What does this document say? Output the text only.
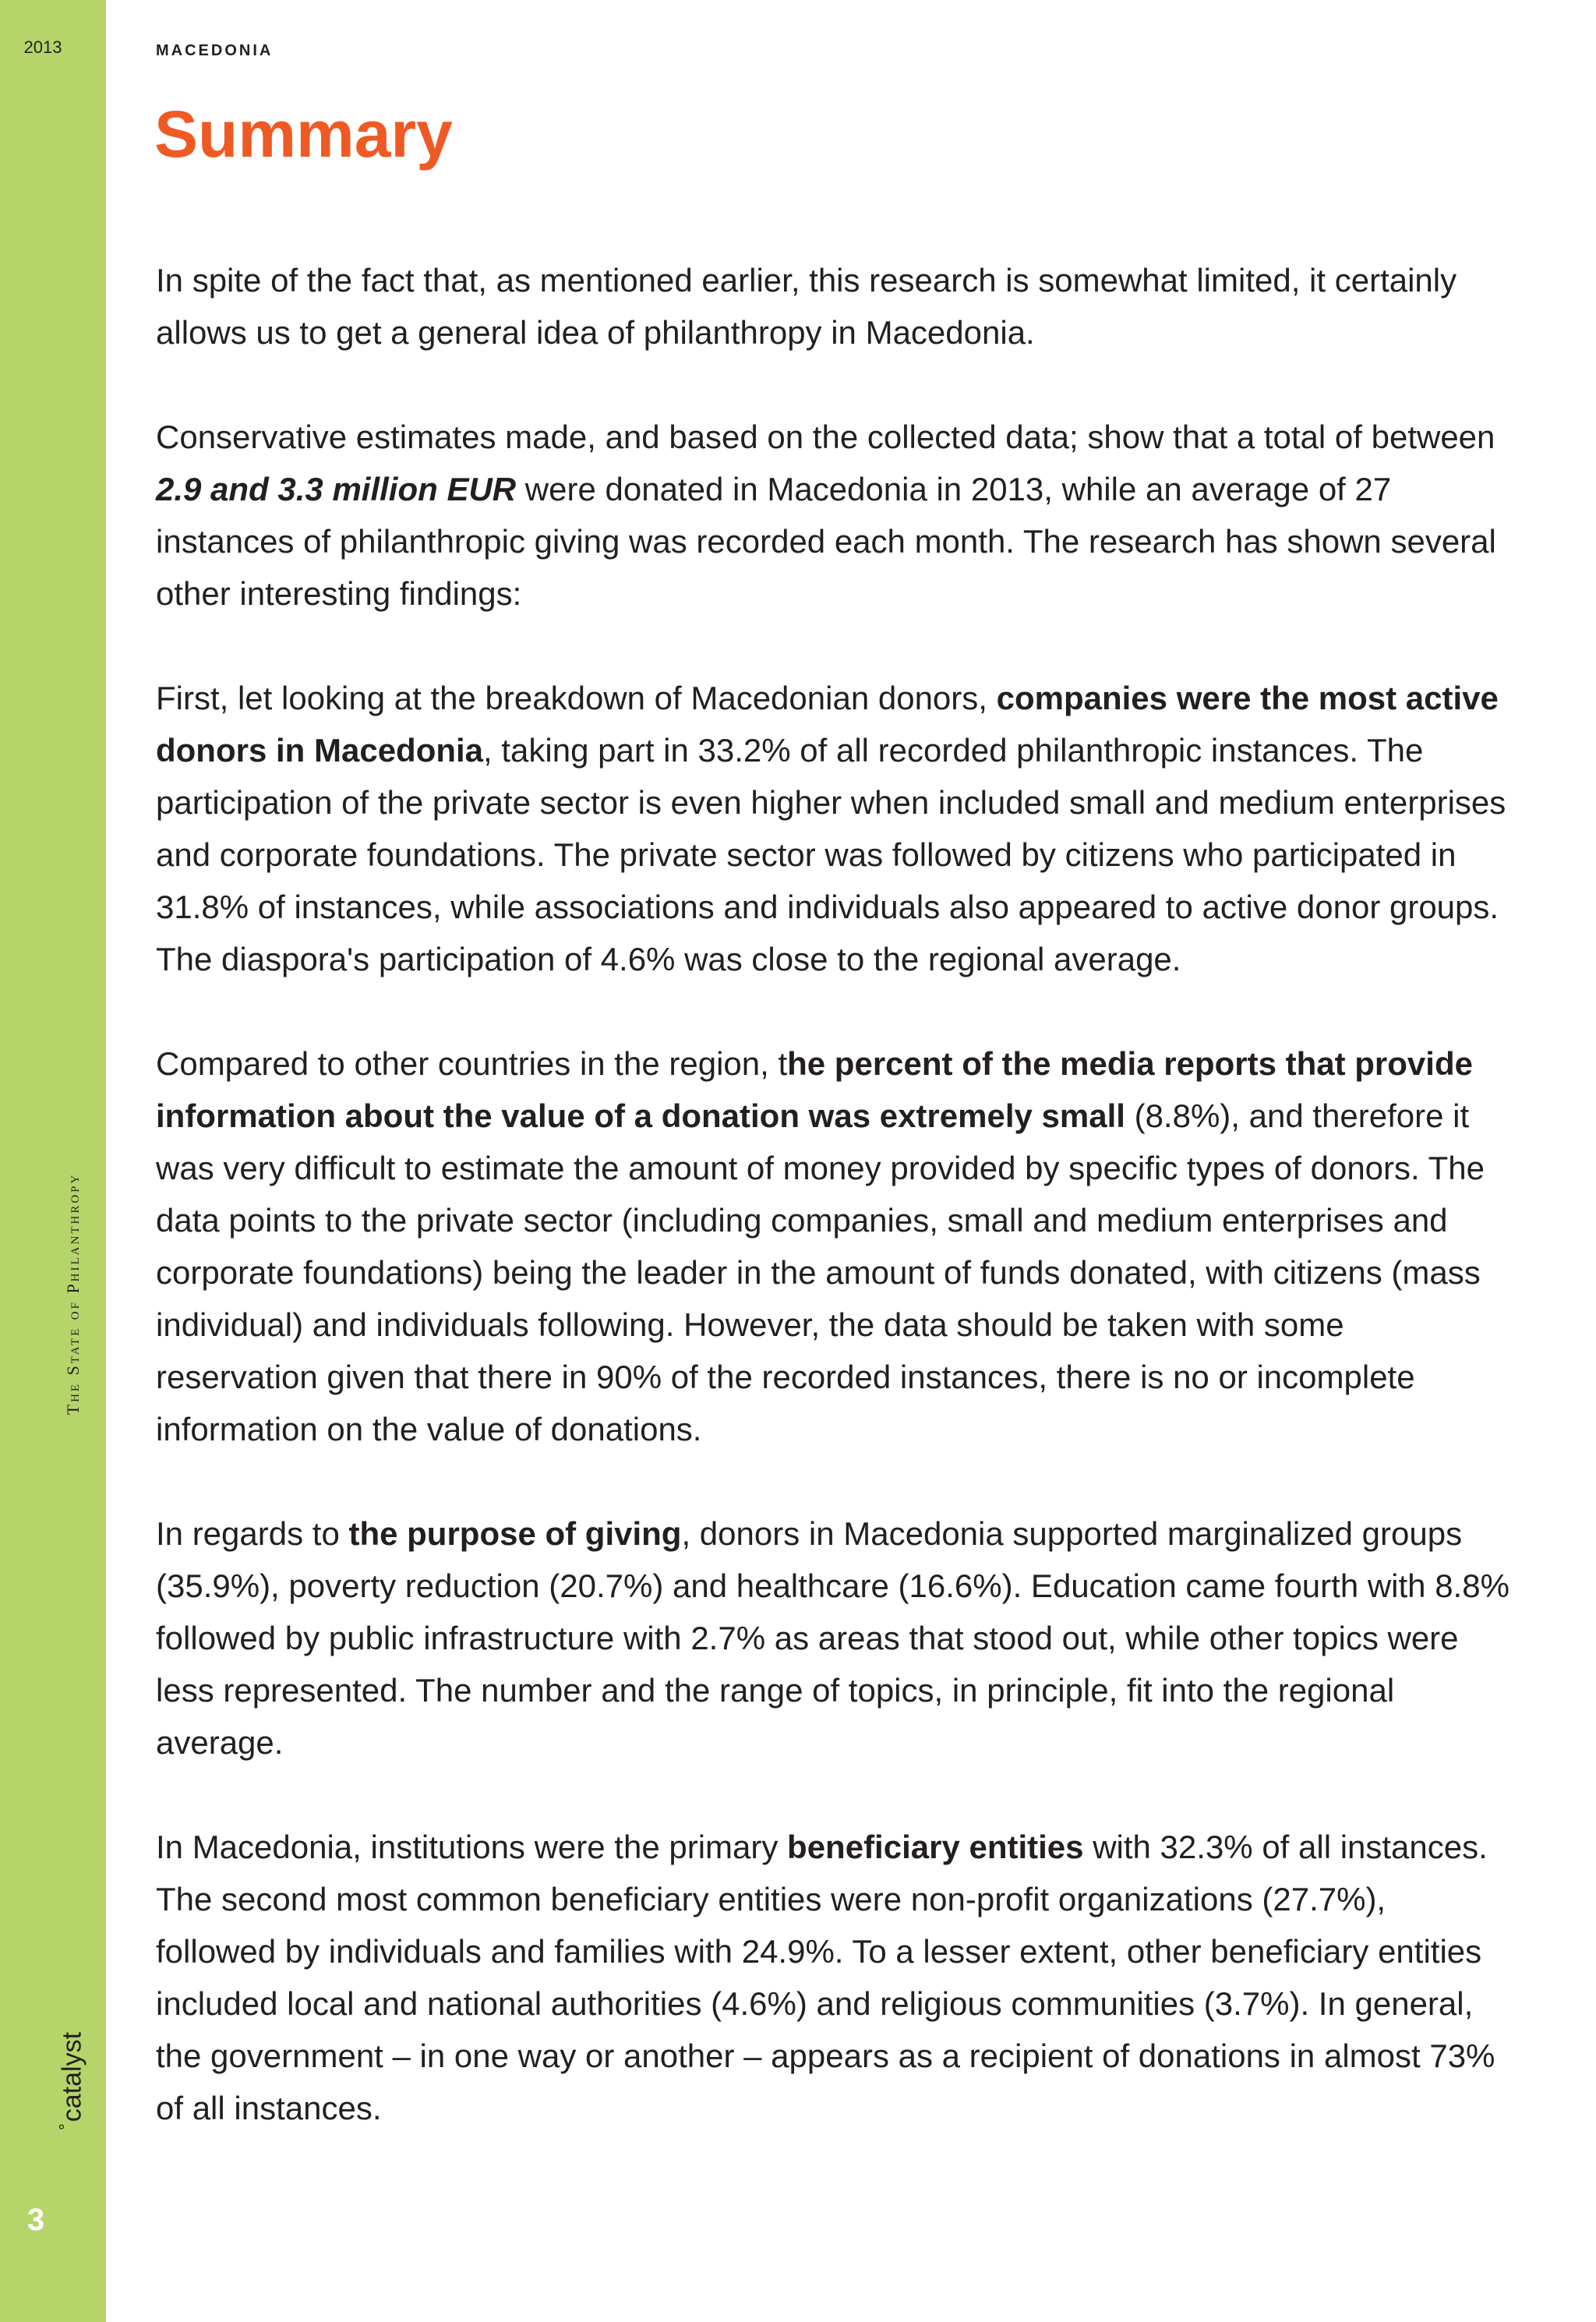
2013
The State of Philanthropy
°catalyst
3
MACEDONIA
Summary

In spite of the fact that, as mentioned earlier, this research is somewhat limited, it certainly allows us to get a general idea of philanthropy in Macedonia.

Conservative estimates made, and based on the collected data; show that a total of between 2.9 and 3.3 million EUR were donated in Macedonia in 2013, while an average of 27 instances of philanthropic giving was recorded each month. The research has shown several other interesting findings:

First, let looking at the breakdown of Macedonian donors, companies were the most active donors in Macedonia, taking part in 33.2% of all recorded philanthropic instances. The participation of the private sector is even higher when included small and medium enterprises and corporate foundations. The private sector was followed by citizens who participated in 31.8% of instances, while associations and individuals also appeared to active donor groups. The diaspora's participation of 4.6% was close to the regional average.

Compared to other countries in the region, the percent of the media reports that provide information about the value of a donation was extremely small (8.8%), and therefore it was very difficult to estimate the amount of money provided by specific types of donors. The data points to the private sector (including companies, small and medium enterprises and corporate foundations) being the leader in the amount of funds donated, with citizens (mass individual) and individuals following. However, the data should be taken with some reservation given that there in 90% of the recorded instances, there is no or incomplete information on the value of donations.

In regards to the purpose of giving, donors in Macedonia supported marginalized groups (35.9%), poverty reduction (20.7%) and healthcare (16.6%). Education came fourth with 8.8% followed by public infrastructure with 2.7% as areas that stood out, while other topics were less represented. The number and the range of topics, in principle, fit into the regional average.

In Macedonia, institutions were the primary beneficiary entities with 32.3% of all instances. The second most common beneficiary entities were non-profit organizations (27.7%), followed by individuals and families with 24.9%. To a lesser extent, other beneficiary entities included local and national authorities (4.6%) and religious communities (3.7%). In general, the government – in one way or another – appears as a recipient of donations in almost 73% of all instances.
